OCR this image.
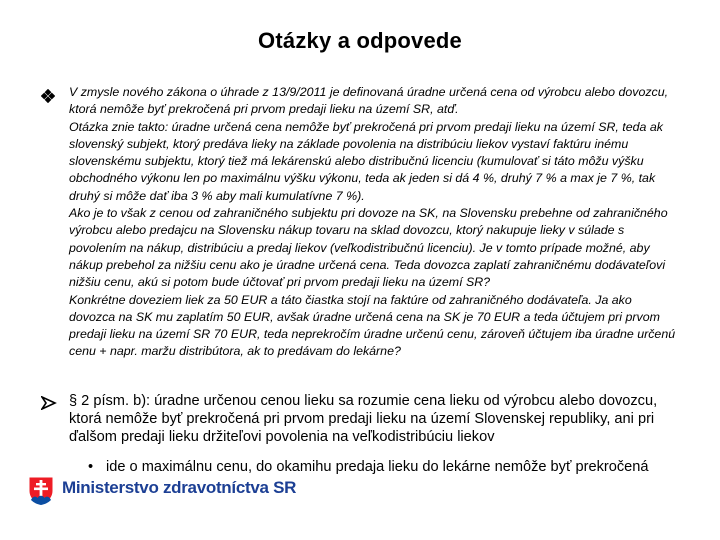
Otázky a odpovede

V zmysle nového zákona o úhrade z 13/9/2011 je definovaná úradne určená cena od výrobcu alebo dovozcu, ktorá nemôže byť prekročená pri prvom predaji lieku na území SR, atď.

Otázka znie takto: úradne určená cena nemôže byť prekročená pri prvom predaji lieku na území SR, teda ak slovenský subjekt, ktorý predáva lieky na základe povolenia na distribúciu liekov vystaví faktúru inému slovenskému subjektu, ktorý tiež má lekárenskú alebo distribučnú licenciu (kumulovať si táto môžu výšku obchodného výkonu len po maximálnu výšku výkonu, teda ak jeden si dá 4 %, druhý 7 % a max je 7 %, tak druhý si môže dať iba 3 % aby mali kumulatívne 7 %).

Ako je to však z cenou od zahraničného subjektu pri dovoze na SK, na Slovensku prebehne od zahraničného výrobcu alebo predajcu na Slovensku nákup tovaru na sklad dovozcu, ktorý nakupuje lieky v súlade s povolením na nákup, distribúciu a predaj liekov (veľkodistribučnú licenciu). Je v tomto prípade možné, aby nákup prebehol za nižšiu cenu ako je úradne určená cena. Teda dovozca zaplatí zahraničnému dodávateľovi nižšiu cenu, akú si potom bude účtovať pri prvom predaji lieku na území SR?

Konkrétne doveziem liek za 50 EUR a táto čiastka stojí na faktúre od zahraničného dodávateľa. Ja ako dovozca na SK mu zaplatím 50 EUR, avšak úradne určená cena na SK je 70 EUR a teda účtujem pri prvom predaji lieku na území SR 70 EUR, teda neprekročím úradne určenú cenu, zároveň účtujem iba úradne určenú cenu + napr. maržu distribútora, ak to predávam do lekárne?

§ 2 písm. b): úradne určenou cenou lieku sa rozumie cena lieku od výrobcu alebo dovozcu, ktorá nemôže byť prekročená pri prvom predaji lieku na území Slovenskej republiky, ani pri ďalšom predaji lieku držiteľovi povolenia na veľkodistribúciu liekov
• ide o maximálnu cenu, do okamihu predaja lieku do lekárne nemôže byť prekročená
Ministerstvo zdravotníctva SR
